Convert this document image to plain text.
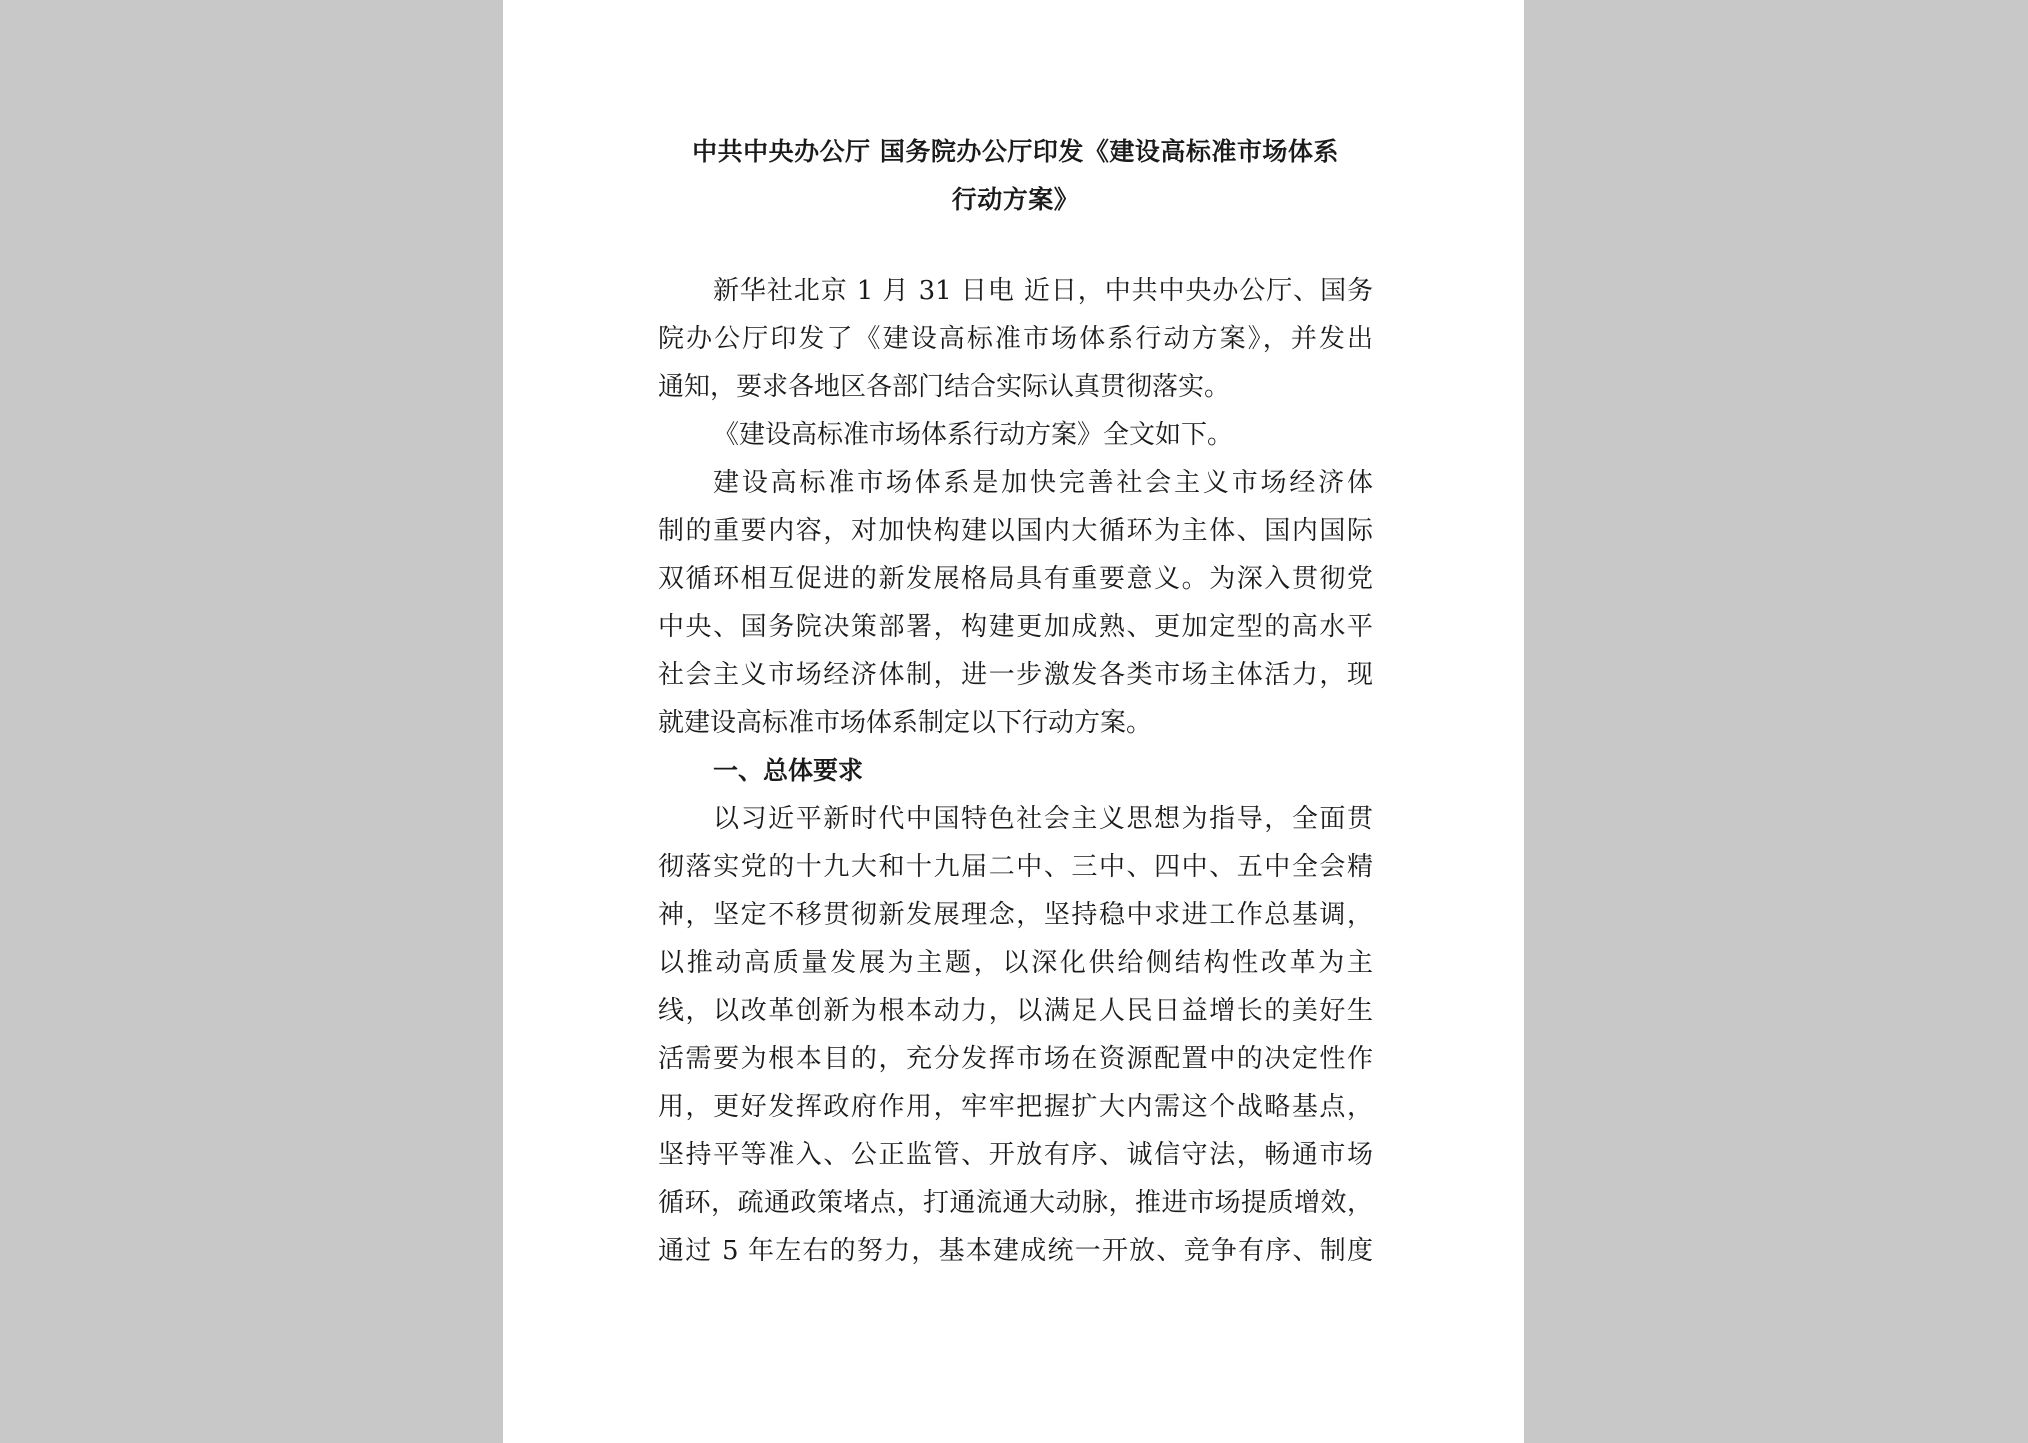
中共中央办公厅 国务院办公厅印发《建设高标准市场体系
行动方案》
新华社北京 1 月 31 日电 近日，中共中央办公厅、国务
院办公厅印发了《建设高标准市场体系行动方案》，并发出
通知，要求各地区各部门结合实际认真贯彻落实。
《建设高标准市场体系行动方案》全文如下。
建设高标准市场体系是加快完善社会主义市场经济体
制的重要内容，对加快构建以国内大循环为主体、国内国际
双循环相互促进的新发展格局具有重要意义。为深入贯彻党
中央、国务院决策部署，构建更加成熟、更加定型的高水平
社会主义市场经济体制，进一步激发各类市场主体活力，现
就建设高标准市场体系制定以下行动方案。
一、总体要求
以习近平新时代中国特色社会主义思想为指导，全面贯
彻落实党的十九大和十九届二中、三中、四中、五中全会精
神，坚定不移贯彻新发展理念，坚持稳中求进工作总基调，
以推动高质量发展为主题，以深化供给侧结构性改革为主
线，以改革创新为根本动力，以满足人民日益增长的美好生
活需要为根本目的，充分发挥市场在资源配置中的决定性作
用，更好发挥政府作用，牢牢把握扩大内需这个战略基点，
坚持平等准入、公正监管、开放有序、诚信守法，畅通市场
循环，疏通政策堵点，打通流通大动脉，推进市场提质增效，
通过 5 年左右的努力，基本建成统一开放、竞争有序、制度
